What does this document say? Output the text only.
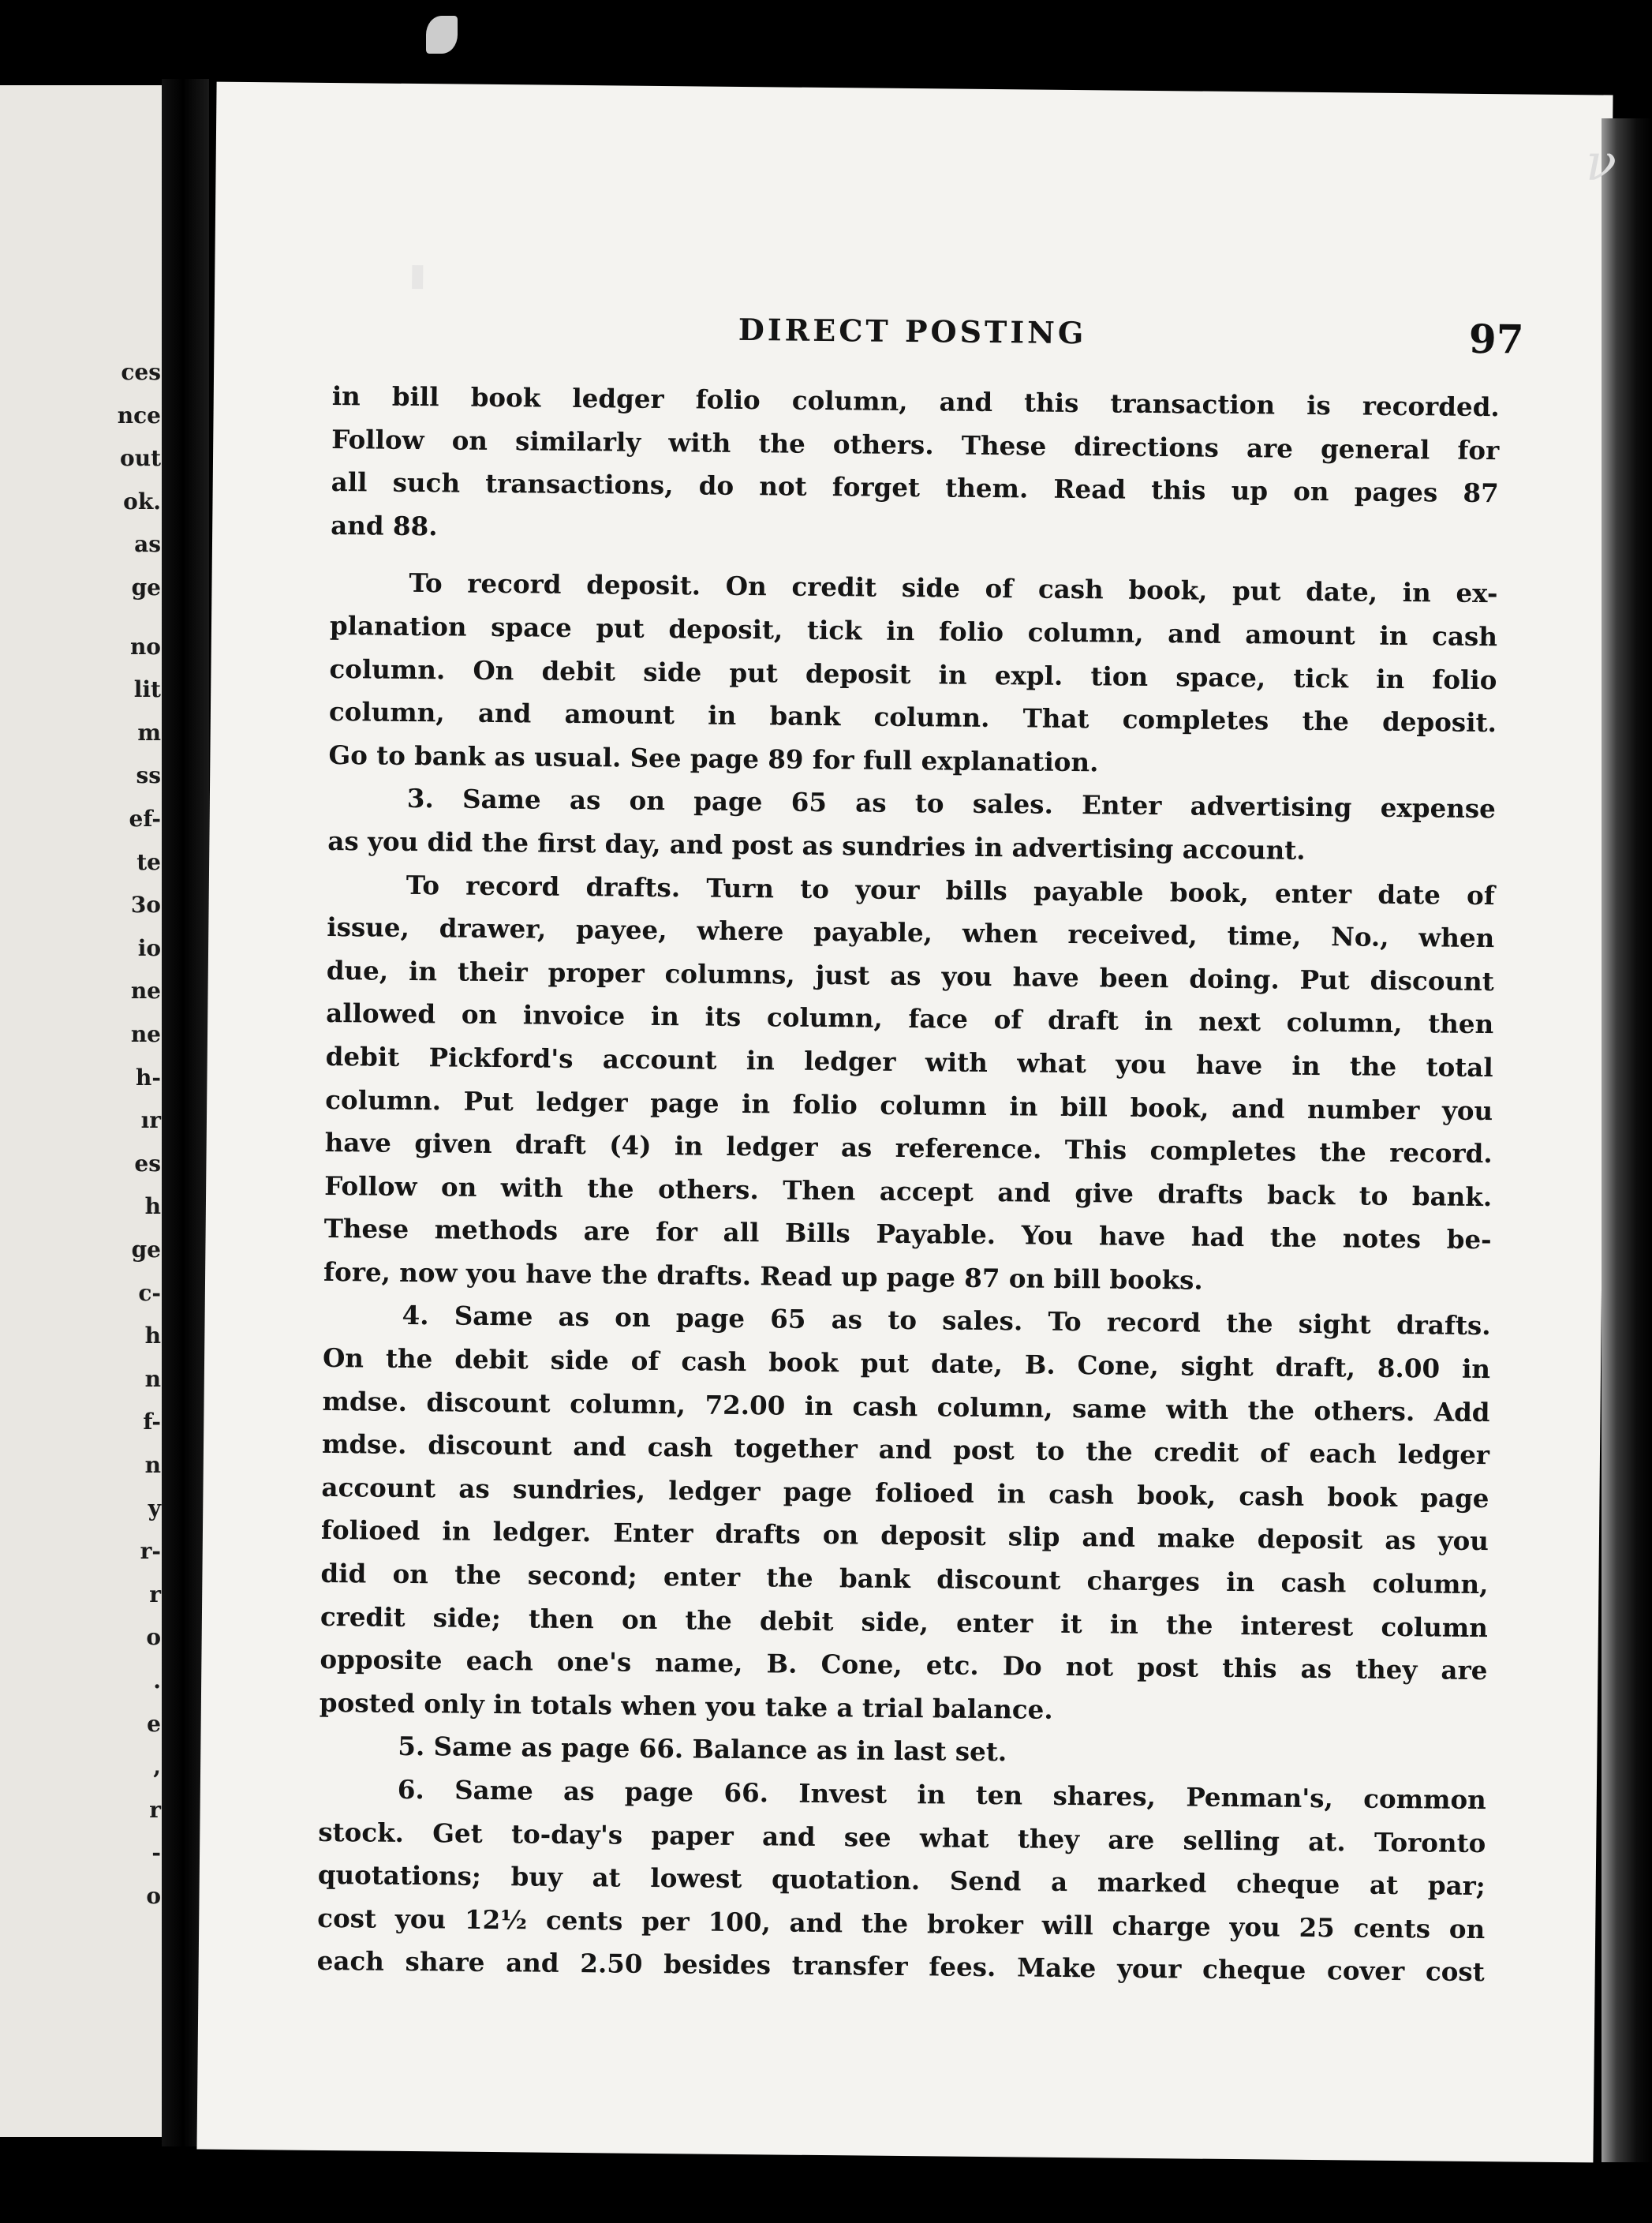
ces
nce
out
ok.
as
ge
no
lit
m
ss
ef-
te
3o
io
ne
ne
h-
ır
es
h
ge
c-
h
n
f-
n
y
r-
r
o
.
e
,
r
-
o
DIRECT POSTING	97
in bill book ledger folio column, and this transaction is recorded.
Follow on similarly with the others. These directions are general for
all such transactions, do not forget them. Read this up on pages 87
and 88.
To record deposit. On credit side of cash book, put date, in ex-
planation space put deposit, tick in folio column, and amount in cash
column. On debit side put deposit in expl. tion space, tick in folio
column, and amount in bank column. That completes the deposit.
Go to bank as usual. See page 89 for full explanation.
3. Same as on page 65 as to sales. Enter advertising expense
as you did the first day, and post as sundries in advertising account.
To record drafts. Turn to your bills payable book, enter date of
issue, drawer, payee, where payable, when received, time, No., when
due, in their proper columns, just as you have been doing. Put discount
allowed on invoice in its column, face of draft in next column, then
debit Pickford's account in ledger with what you have in the total
column. Put ledger page in folio column in bill book, and number you
have given draft (4) in ledger as reference. This completes the record.
Follow on with the others. Then accept and give drafts back to bank.
These methods are for all Bills Payable. You have had the notes be-
fore, now you have the drafts. Read up page 87 on bill books.
4. Same as on page 65 as to sales. To record the sight drafts.
On the debit side of cash book put date, B. Cone, sight draft, 8.00 in
mdse. discount column, 72.00 in cash column, same with the others. Add
mdse. discount and cash together and post to the credit of each ledger
account as sundries, ledger page folioed in cash book, cash book page
folioed in ledger. Enter drafts on deposit slip and make deposit as you
did on the second; enter the bank discount charges in cash column,
credit side; then on the debit side, enter it in the interest column
opposite each one's name, B. Cone, etc. Do not post this as they are
posted only in totals when you take a trial balance.
5. Same as page 66. Balance as in last set.
6. Same as page 66. Invest in ten shares, Penman's, common
stock. Get to-day's paper and see what they are selling at. Toronto
quotations; buy at lowest quotation. Send a marked cheque at par;
cost you 12½ cents per 100, and the broker will charge you 25 cents on
each share and 2.50 besides transfer fees. Make your cheque cover cost
ν
